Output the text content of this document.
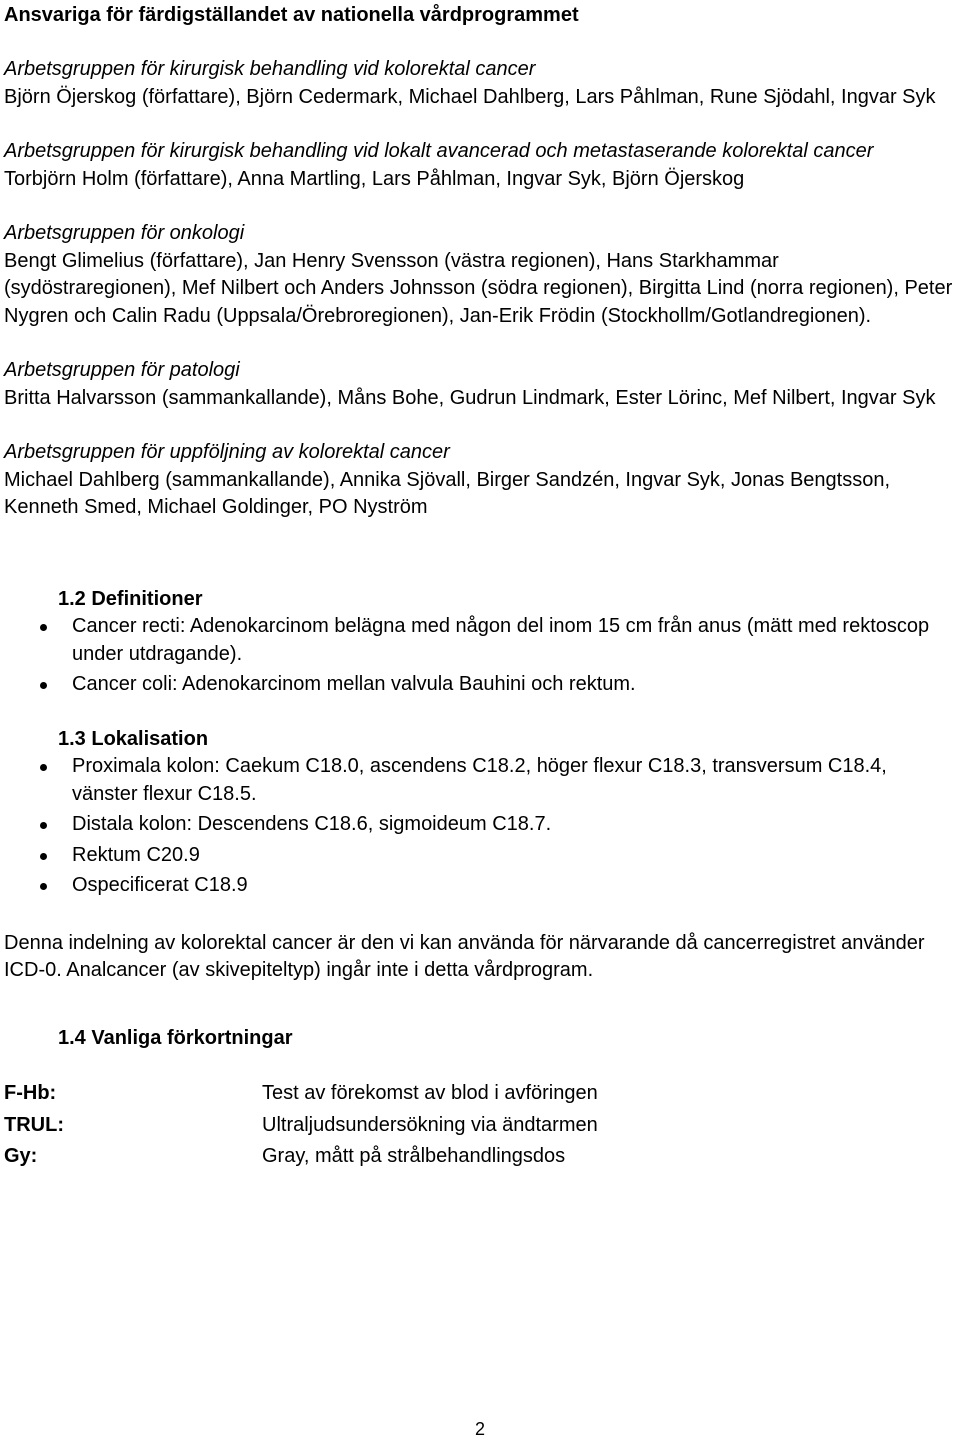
Ansvariga för färdigställandet av nationella vårdprogrammet

Arbetsgruppen för kirurgisk behandling vid kolorektal cancer

Björn Öjerskog (författare), Björn Cedermark, Michael Dahlberg, Lars Påhlman, Rune Sjödahl, Ingvar Syk

Arbetsgruppen för kirurgisk behandling vid lokalt avancerad och metastaserande kolorektal cancer

Torbjörn Holm (författare), Anna Martling, Lars Påhlman, Ingvar Syk, Björn Öjerskog

Arbetsgruppen för onkologi

Bengt Glimelius (författare), Jan Henry Svensson (västra regionen), Hans Starkhammar (sydöstraregionen), Mef Nilbert och Anders Johnsson (södra regionen), Birgitta Lind (norra regionen), Peter Nygren och Calin Radu (Uppsala/Örebroregionen), Jan-Erik Frödin (Stockhollm/Gotlandregionen).

Arbetsgruppen för patologi

Britta Halvarsson (sammankallande), Måns Bohe, Gudrun Lindmark, Ester Lörinc, Mef Nilbert, Ingvar Syk

Arbetsgruppen för uppföljning av kolorektal cancer

Michael Dahlberg (sammankallande), Annika Sjövall, Birger Sandzén, Ingvar Syk, Jonas Bengtsson, Kenneth Smed, Michael Goldinger, PO Nyström

1.2 Definitioner

Cancer recti: Adenokarcinom belägna med någon del inom 15 cm från anus (mätt med rektoscop under utdragande).
Cancer coli: Adenokarcinom mellan valvula Bauhini och rektum.

1.3 Lokalisation

Proximala kolon: Caekum C18.0, ascendens C18.2, höger flexur C18.3, transversum C18.4, vänster flexur C18.5.
Distala kolon: Descendens C18.6, sigmoideum C18.7.
Rektum C20.9
Ospecificerat C18.9

Denna indelning av kolorektal cancer är den vi kan använda för närvarande då cancerregistret använder ICD-0. Analcancer (av skivepiteltyp) ingår inte i detta vårdprogram.

1.4 Vanliga förkortningar

F-Hb:	Test av förekomst av blod i avföringen
TRUL:	Ultraljudsundersökning via ändtarmen
Gy:	Gray, mått på strålbehandlingsdos
2
